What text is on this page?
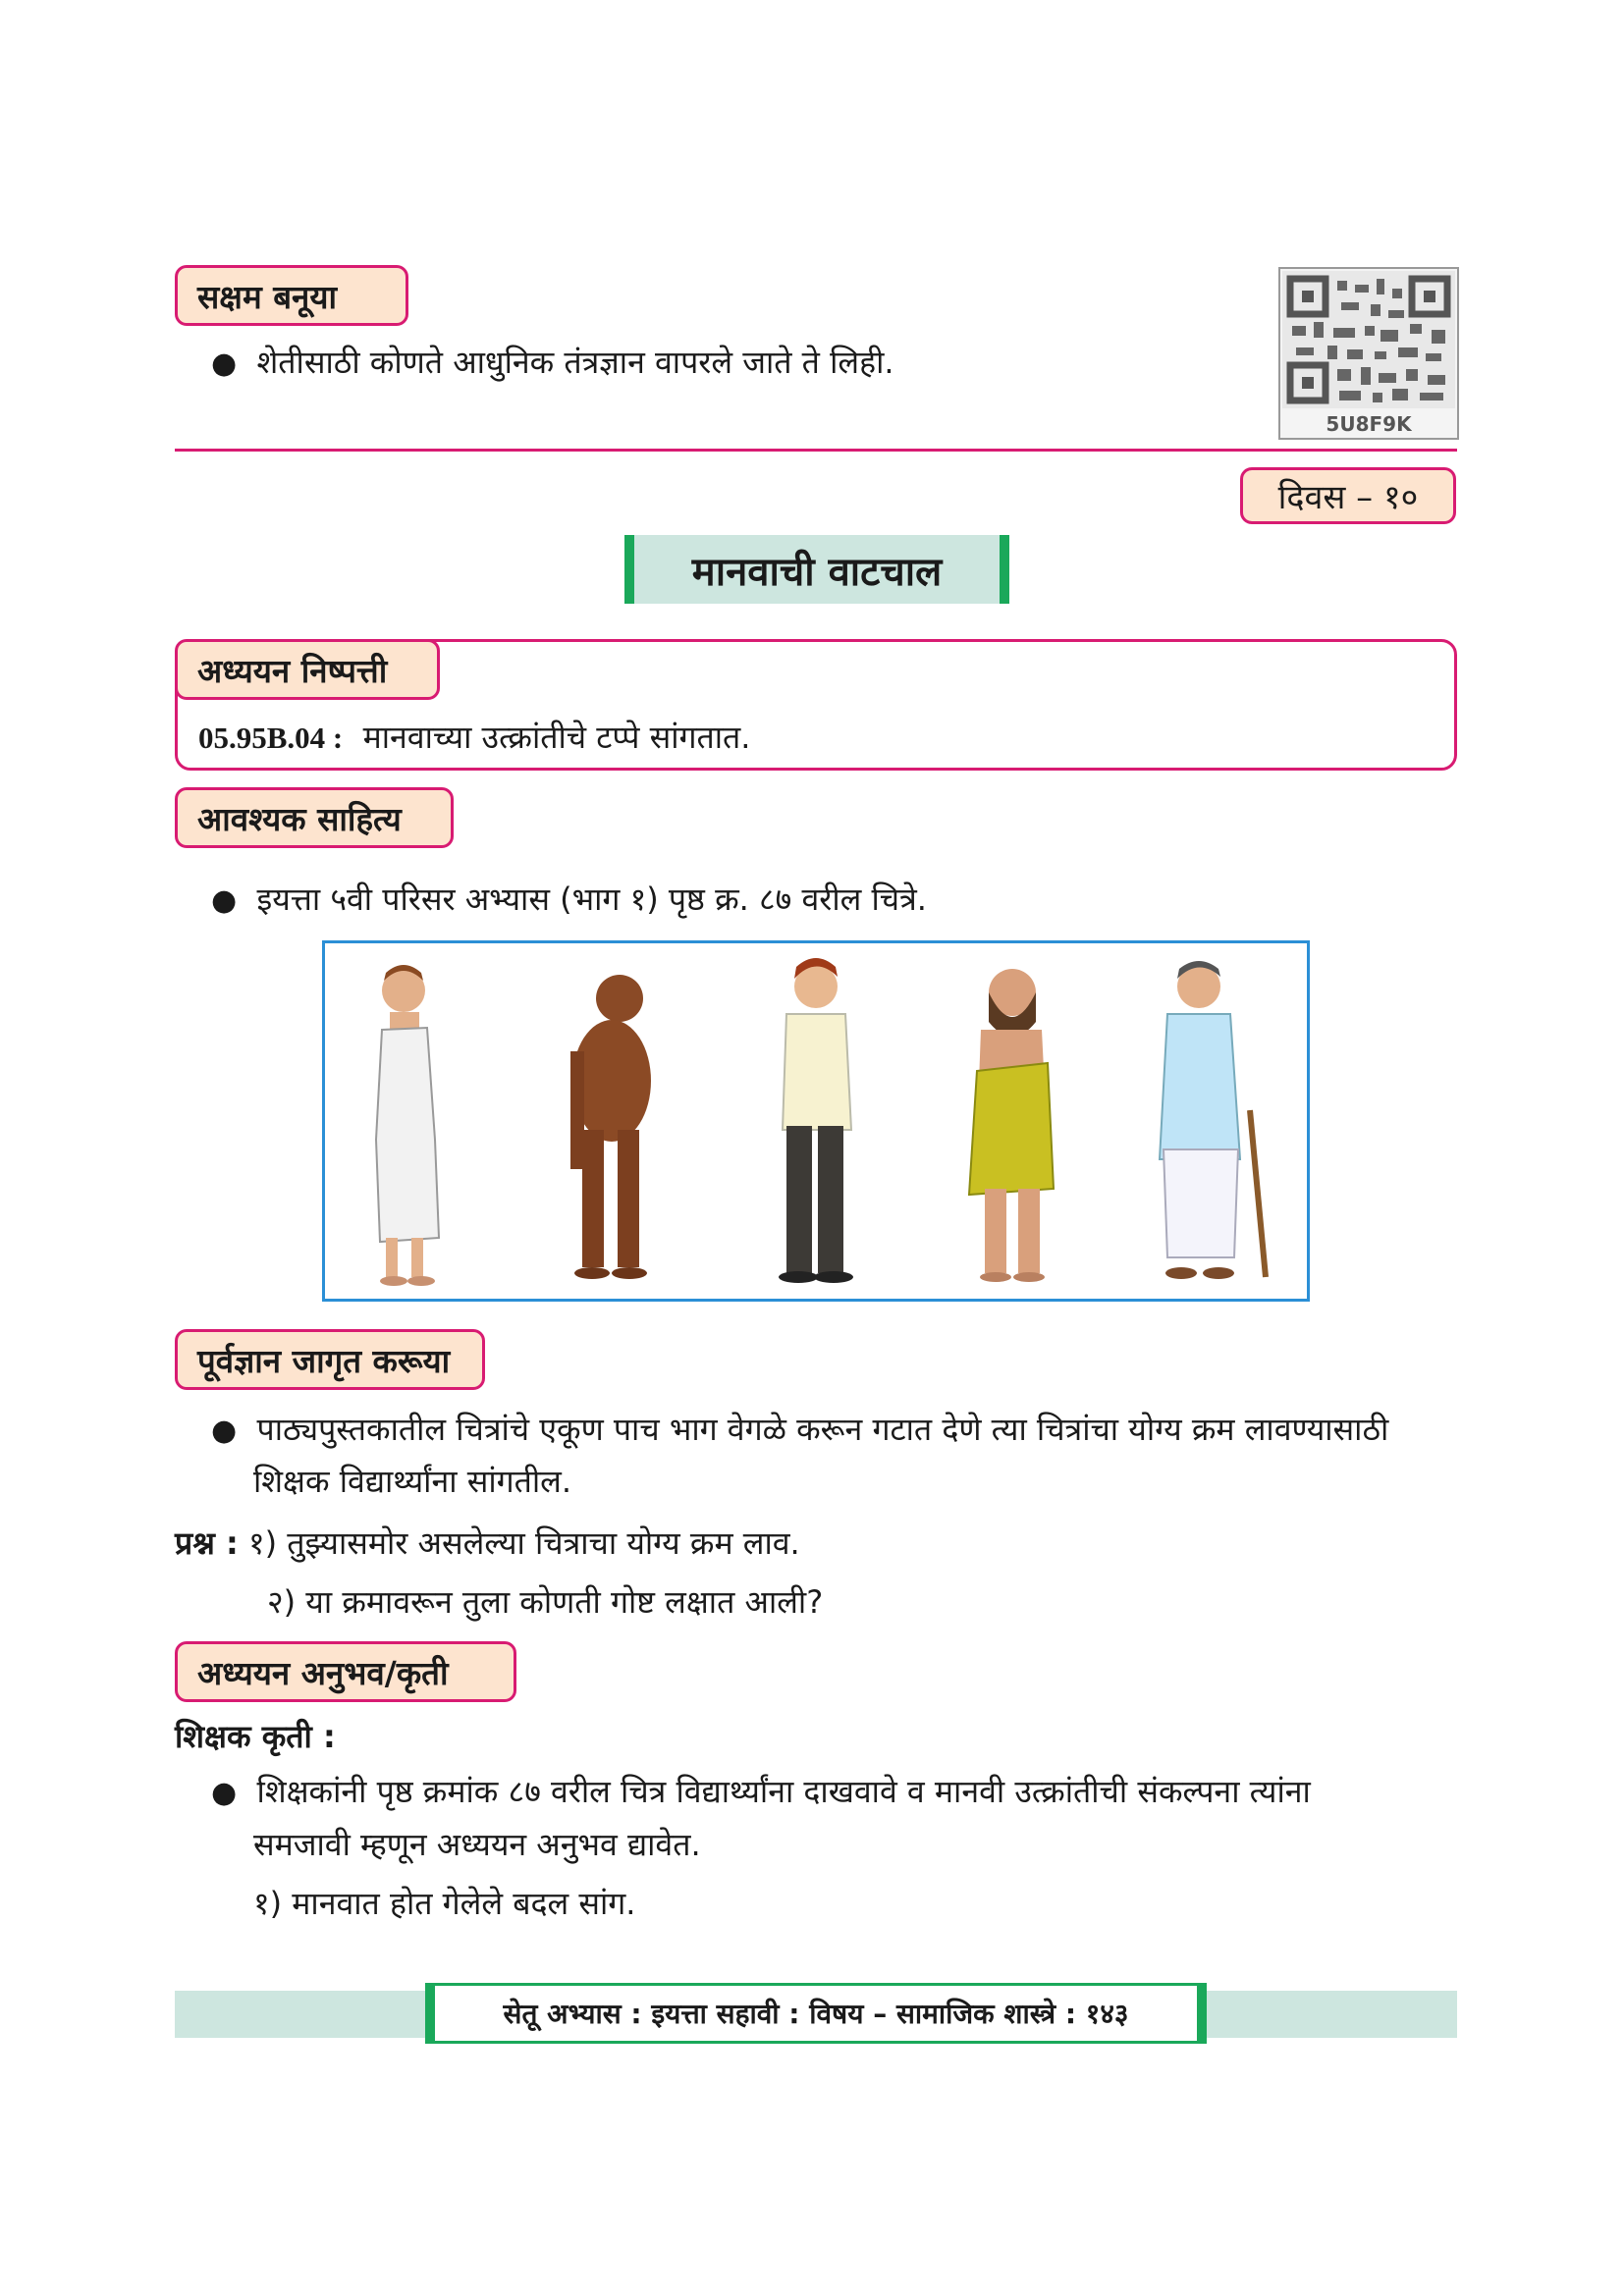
सक्षम बनूया
● शेतीसाठी कोणते आधुनिक तंत्रज्ञान वापरले जाते ते लिही.
5U8F9K
दिवस – १०
मानवाची वाटचाल
अध्ययन निष्पत्ती
05.95B.04 : मानवाच्या उत्क्रांतीचे टप्पे सांगतात.
आवश्यक साहित्य
● इयत्ता ५वी परिसर अभ्यास (भाग १) पृष्ठ क्र. ८७ वरील चित्रे.
पूर्वज्ञान जागृत करूया
● पाठ्यपुस्तकातील चित्रांचे एकूण पाच भाग वेगळे करून गटात देणे त्या चित्रांचा योग्य क्रम लावण्यासाठी
शिक्षक विद्यार्थ्यांना सांगतील.
प्रश्न : १) तुझ्यासमोर असलेल्या चित्राचा योग्य क्रम लाव.
२) या क्रमावरून तुला कोणती गोष्ट लक्षात आली?
अध्ययन अनुभव/कृती
शिक्षक कृती :
● शिक्षकांनी पृष्ठ क्रमांक ८७ वरील चित्र विद्यार्थ्यांना दाखवावे व मानवी उत्क्रांतीची संकल्पना त्यांना
समजावी म्हणून अध्ययन अनुभव द्यावेत.
१) मानवात होत गेलेले बदल सांग.
सेतू अभ्यास : इयत्ता सहावी : विषय – सामाजिक शास्त्रे : १४३
